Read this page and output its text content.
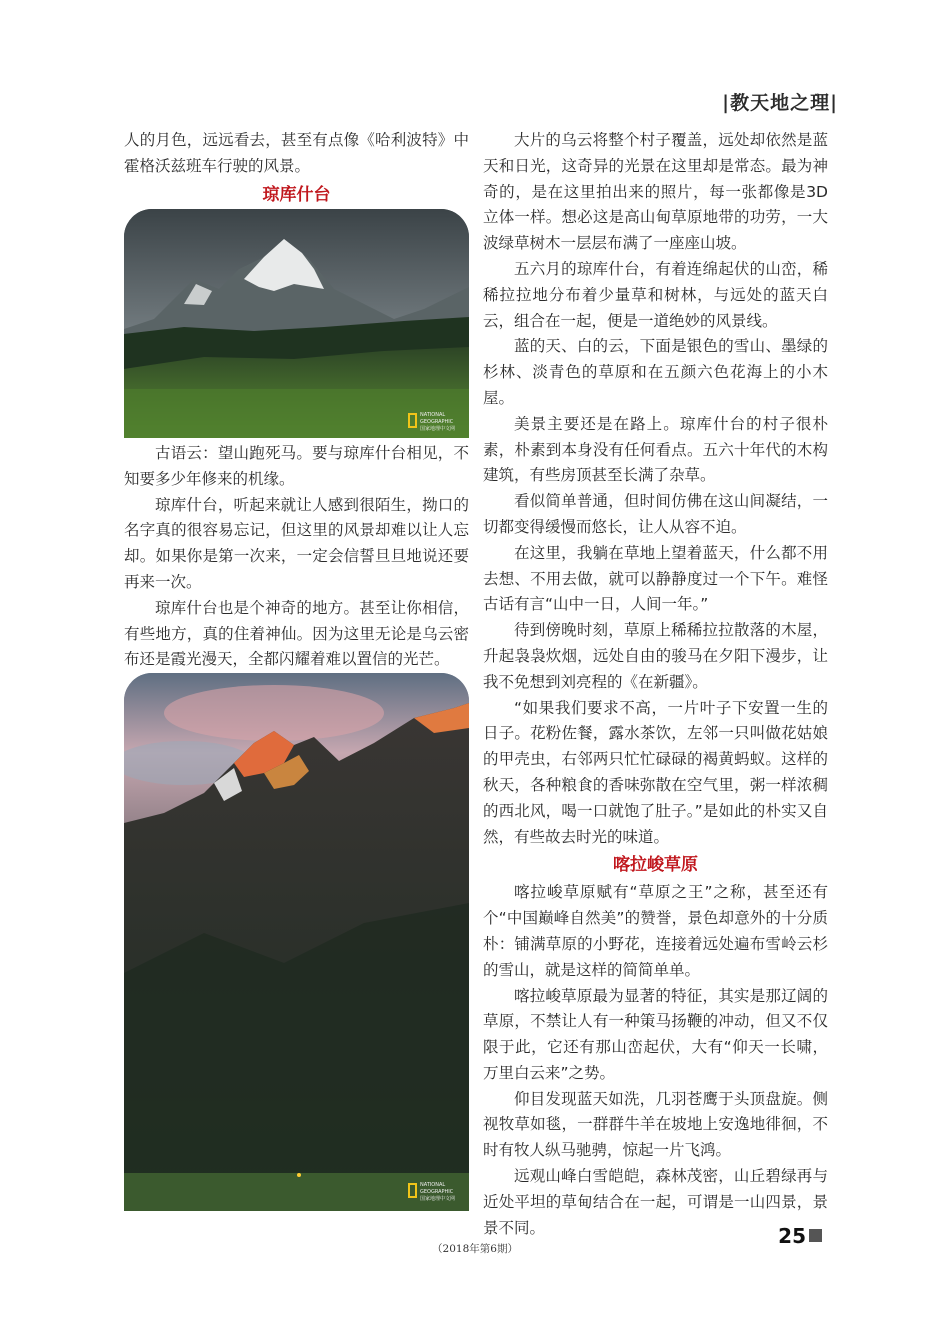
|教天地之理|

人的月色，远远看去，甚至有点像《哈利波特》中霍格沃兹班车行驶的风景。

琼库什台
NATIONAL
GEOGRAPHIC
国家地理中文网

古语云：望山跑死马。要与琼库什台相见，不知要多少年修来的机缘。

琼库什台，听起来就让人感到很陌生，拗口的名字真的很容易忘记，但这里的风景却难以让人忘却。如果你是第一次来，一定会信誓旦旦地说还要再来一次。

琼库什台也是个神奇的地方。甚至让你相信，有些地方，真的住着神仙。因为这里无论是乌云密布还是霞光漫天，全都闪耀着难以置信的光芒。

NATIONAL
GEOGRAPHIC
国家地理中文网

大片的乌云将整个村子覆盖，远处却依然是蓝天和日光，这奇异的光景在这里却是常态。最为神奇的，是在这里拍出来的照片，每一张都像是3D立体一样。想必这是高山甸草原地带的功劳，一大波绿草树木一层层布满了一座座山坡。

五六月的琼库什台，有着连绵起伏的山峦，稀稀拉拉地分布着少量草和树林，与远处的蓝天白云，组合在一起，便是一道绝妙的风景线。

蓝的天、白的云，下面是银色的雪山、墨绿的杉林、淡青色的草原和在五颜六色花海上的小木屋。

美景主要还是在路上。琼库什台的村子很朴素，朴素到本身没有任何看点。五六十年代的木构建筑，有些房顶甚至长满了杂草。

看似简单普通，但时间仿佛在这山间凝结，一切都变得缓慢而悠长，让人从容不迫。

在这里，我躺在草地上望着蓝天，什么都不用去想、不用去做，就可以静静度过一个下午。难怪古话有言“山中一日，人间一年。”

待到傍晚时刻，草原上稀稀拉拉散落的木屋，升起袅袅炊烟，远处自由的骏马在夕阳下漫步，让我不免想到刘亮程的《在新疆》。

“如果我们要求不高，一片叶子下安置一生的日子。花粉佐餐，露水茶饮，左邻一只叫做花姑娘的甲壳虫，右邻两只忙忙碌碌的褐黄蚂蚁。这样的秋天，各种粮食的香味弥散在空气里，粥一样浓稠的西北风，喝一口就饱了肚子。”是如此的朴实又自然，有些故去时光的味道。

喀拉峻草原

喀拉峻草原赋有“草原之王”之称，甚至还有个“中国巅峰自然美”的赞誉，景色却意外的十分质朴：铺满草原的小野花，连接着远处遍布雪岭云杉的雪山，就是这样的简简单单。

喀拉峻草原最为显著的特征，其实是那辽阔的草原，不禁让人有一种策马扬鞭的冲动，但又不仅限于此，它还有那山峦起伏，大有“仰天一长啸，万里白云来”之势。

仰目发现蓝天如洗，几羽苍鹰于头顶盘旋。侧视牧草如毯，一群群牛羊在坡地上安逸地徘徊，不时有牧人纵马驰骋，惊起一片飞鸿。

远观山峰白雪皑皑，森林茂密，山丘碧绿再与近处平坦的草甸结合在一起，可谓是一山四景，景景不同。	25
（2018年第6期）
